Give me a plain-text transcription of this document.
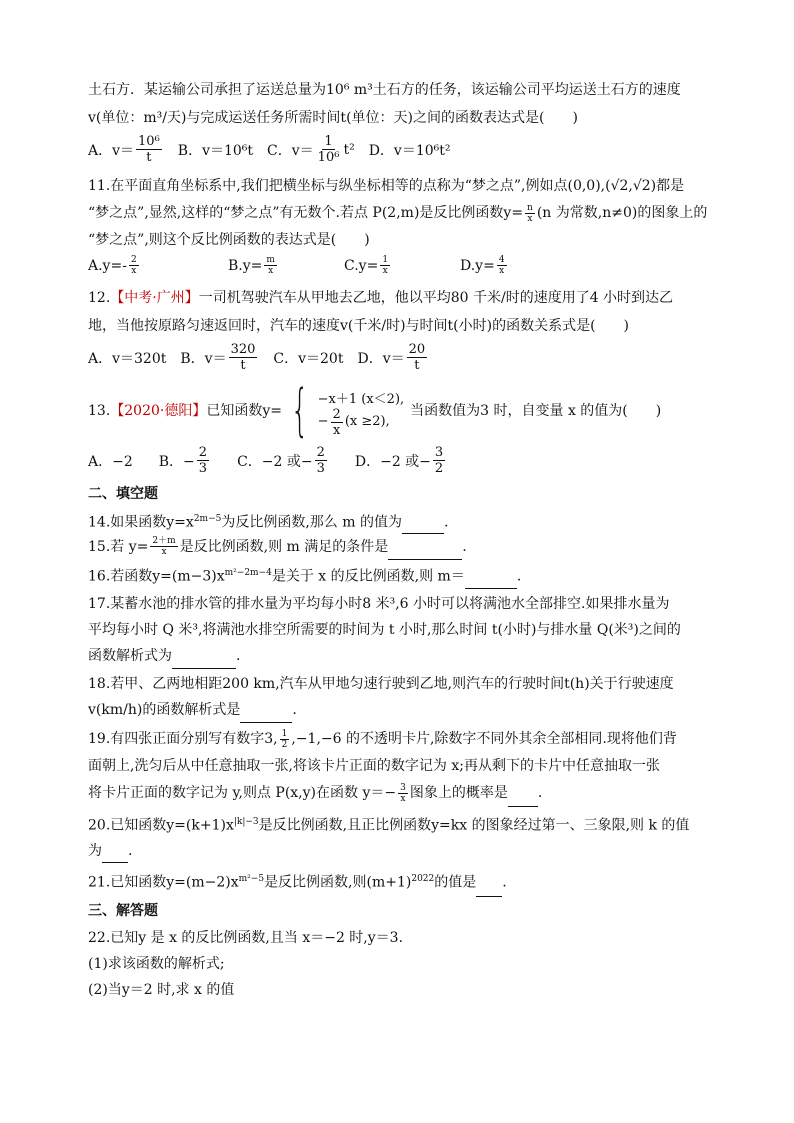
土石方．某运输公司承担了运送总量为10⁶ m³土石方的任务，该运输公司平均运送土石方的速度

v(单位：m³/天)与完成运送任务所需时间t(单位：天)之间的函数表达式是(　　)

A．$v= \frac{\text{10⁶}}{t}$ B．v＝10⁶t C．$v= \frac{1}{\text{10⁶}} t^2$ D．v＝10⁶t²

11.在平面直角坐标系中,我们把横坐标与纵坐标相等的点称为“梦之点”,例如点(0,0),(√2,√2)都是

“梦之点”,显然,这样的“梦之点”有无数个.若点 P(2,m)是反比例函数$y= \frac{n}{x} (n$ 为常数,n≠0)的图象上的

“梦之点”,则这个反比例函数的表达式是(　　)

$A.y=- \frac{2}{x}$	$B.y= \frac{m}{x}$	$C.y= \frac{1}{x}$	$D.y= \frac{4}{x}$

12.【中考·广州】一司机驾驶汽车从甲地去乙地，他以平均80 千米/时的速度用了4 小时到达乙

地，当他按原路匀速返回时，汽车的速度v(千米/时)与时间t(小时)的函数关系式是(　　)

A．v＝320t B．$v= \frac{320}{t}$ C．v＝20t D．$v= \frac{20}{t}$
13. 【2020·德阳】 已知函数y= { −x＋1 (x＜2),
− $\frac{2}{x} (x \ge 2)$,
当函数值为3 时，自变量 x 的值为(　　)
A．−2 B．− $\frac{2}{3}$ C．−2 或− $\frac{2}{3}$ D．−2 或− $\frac{3}{2}$
二、填空题

14.如果函数$y=x^{2m-5}$为反比例函数,那么 m 的值为	.

15.若 $y= \frac{2+m}{x}$ 是反比例函数,则 m 满足的条件是	.

16.若函数$y=(m-3)x^{m^2-2m-4}$是关于 x 的反比例函数,则 m＝	.

17.某蓄水池的排水管的排水量为平均每小时8 米³,6 小时可以将满池水全部排空.如果排水量为

平均每小时 Q 米³,将满池水排空所需要的时间为 t 小时,那么时间 t(小时)与排水量 Q(米³)之间的

函数解析式为	.

18.若甲、乙两地相距200 km,汽车从甲地匀速行驶到乙地,则汽车的行驶时间t(h)关于行驶速度

v(km/h)的函数解析式是	.

19.有四张正面分别写有数字3, $\frac{1}{2} ,-1,-6$ 的不透明卡片,除数字不同外其余全部相同.现将他们背

面朝上,洗匀后从中任意抽取一张,将该卡片正面的数字记为 x;再从剩下的卡片中任意抽取一张

将卡片正面的数字记为 y,则点 P(x,y)在函数 $y=- \frac{3}{x}$ 图象上的概率是 .

20.已知函数$y=(k+1)x^{|k|-3}$是反比例函数,且正比例函数y=kx 的图象经过第一、三象限,则 k 的值

为 .

21.已知函数$y=(m-2)x^{m^2-5}$是反比例函数,则$(m+1)^{2022}$的值是 .

三、解答题

22.已知y 是 x 的反比例函数,且当 x＝−2 时,y＝3.

(1)求该函数的解析式;

(2)当y＝2 时,求 x 的值
